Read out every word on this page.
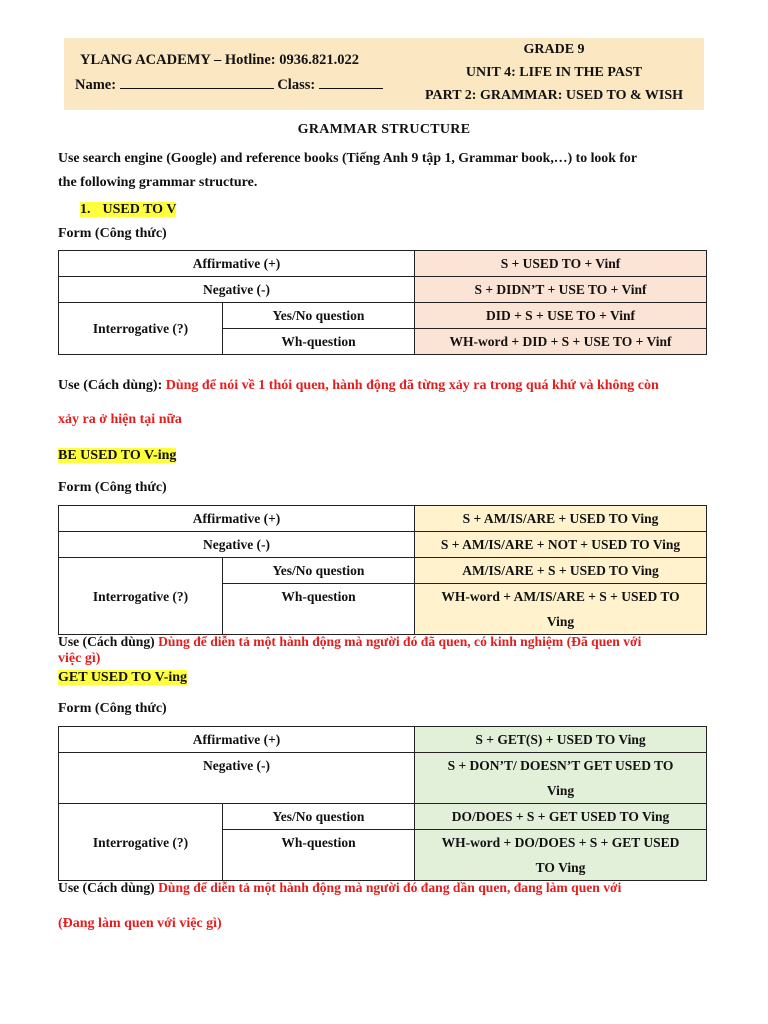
YLANG ACADEMY – Hotline: 0936.821.022
Name:	Class:
GRADE 9
UNIT 4: LIFE IN THE PAST
PART 2: GRAMMAR: USED TO & WISH
GRAMMAR STRUCTURE
Use search engine (Google) and reference books (Tiếng Anh 9 tập 1, Grammar book,…) to look for
the following grammar structure.
1. USED TO V
Form (Công thức)
Affirmative (+)		S + USED TO + Vinf
Negative (-)		S + DIDN’T + USE TO + Vinf
Interrogative (?)	Yes/No question	DID + S + USE TO + Vinf
	Wh-question	WH-word + DID + S + USE TO + Vinf
Use (Cách dùng): Dùng để nói về 1 thói quen, hành động đã từng xảy ra trong quá khứ và không còn
xảy ra ở hiện tại nữa
BE USED TO V-ing
Form (Công thức)
Affirmative (+)		S + AM/IS/ARE + USED TO Ving
Negative (-)		S + AM/IS/ARE + NOT + USED TO Ving
Interrogative (?)	Yes/No question	AM/IS/ARE + S + USED TO Ving
	Wh-question	WH-word + AM/IS/ARE + S + USED TO
Ving
Use (Cách dùng) Dùng để diễn tả một hành động mà người đó đã quen, có kinh nghiệm (Đã quen với
việc gì)
GET USED TO V-ing
Form (Công thức)
Affirmative (+)		S + GET(S) + USED TO Ving
Negative (-)		S + DON’T/ DOESN’T GET USED TO
Ving

Interrogative (?)	Yes/No question	DO/DOES + S + GET USED TO Ving
	Wh-question	WH-word + DO/DOES + S + GET USED
TO Ving
Use (Cách dùng) Dùng để diễn tả một hành động mà người đó đang dần quen, đang làm quen với
(Đang làm quen với việc gì)
